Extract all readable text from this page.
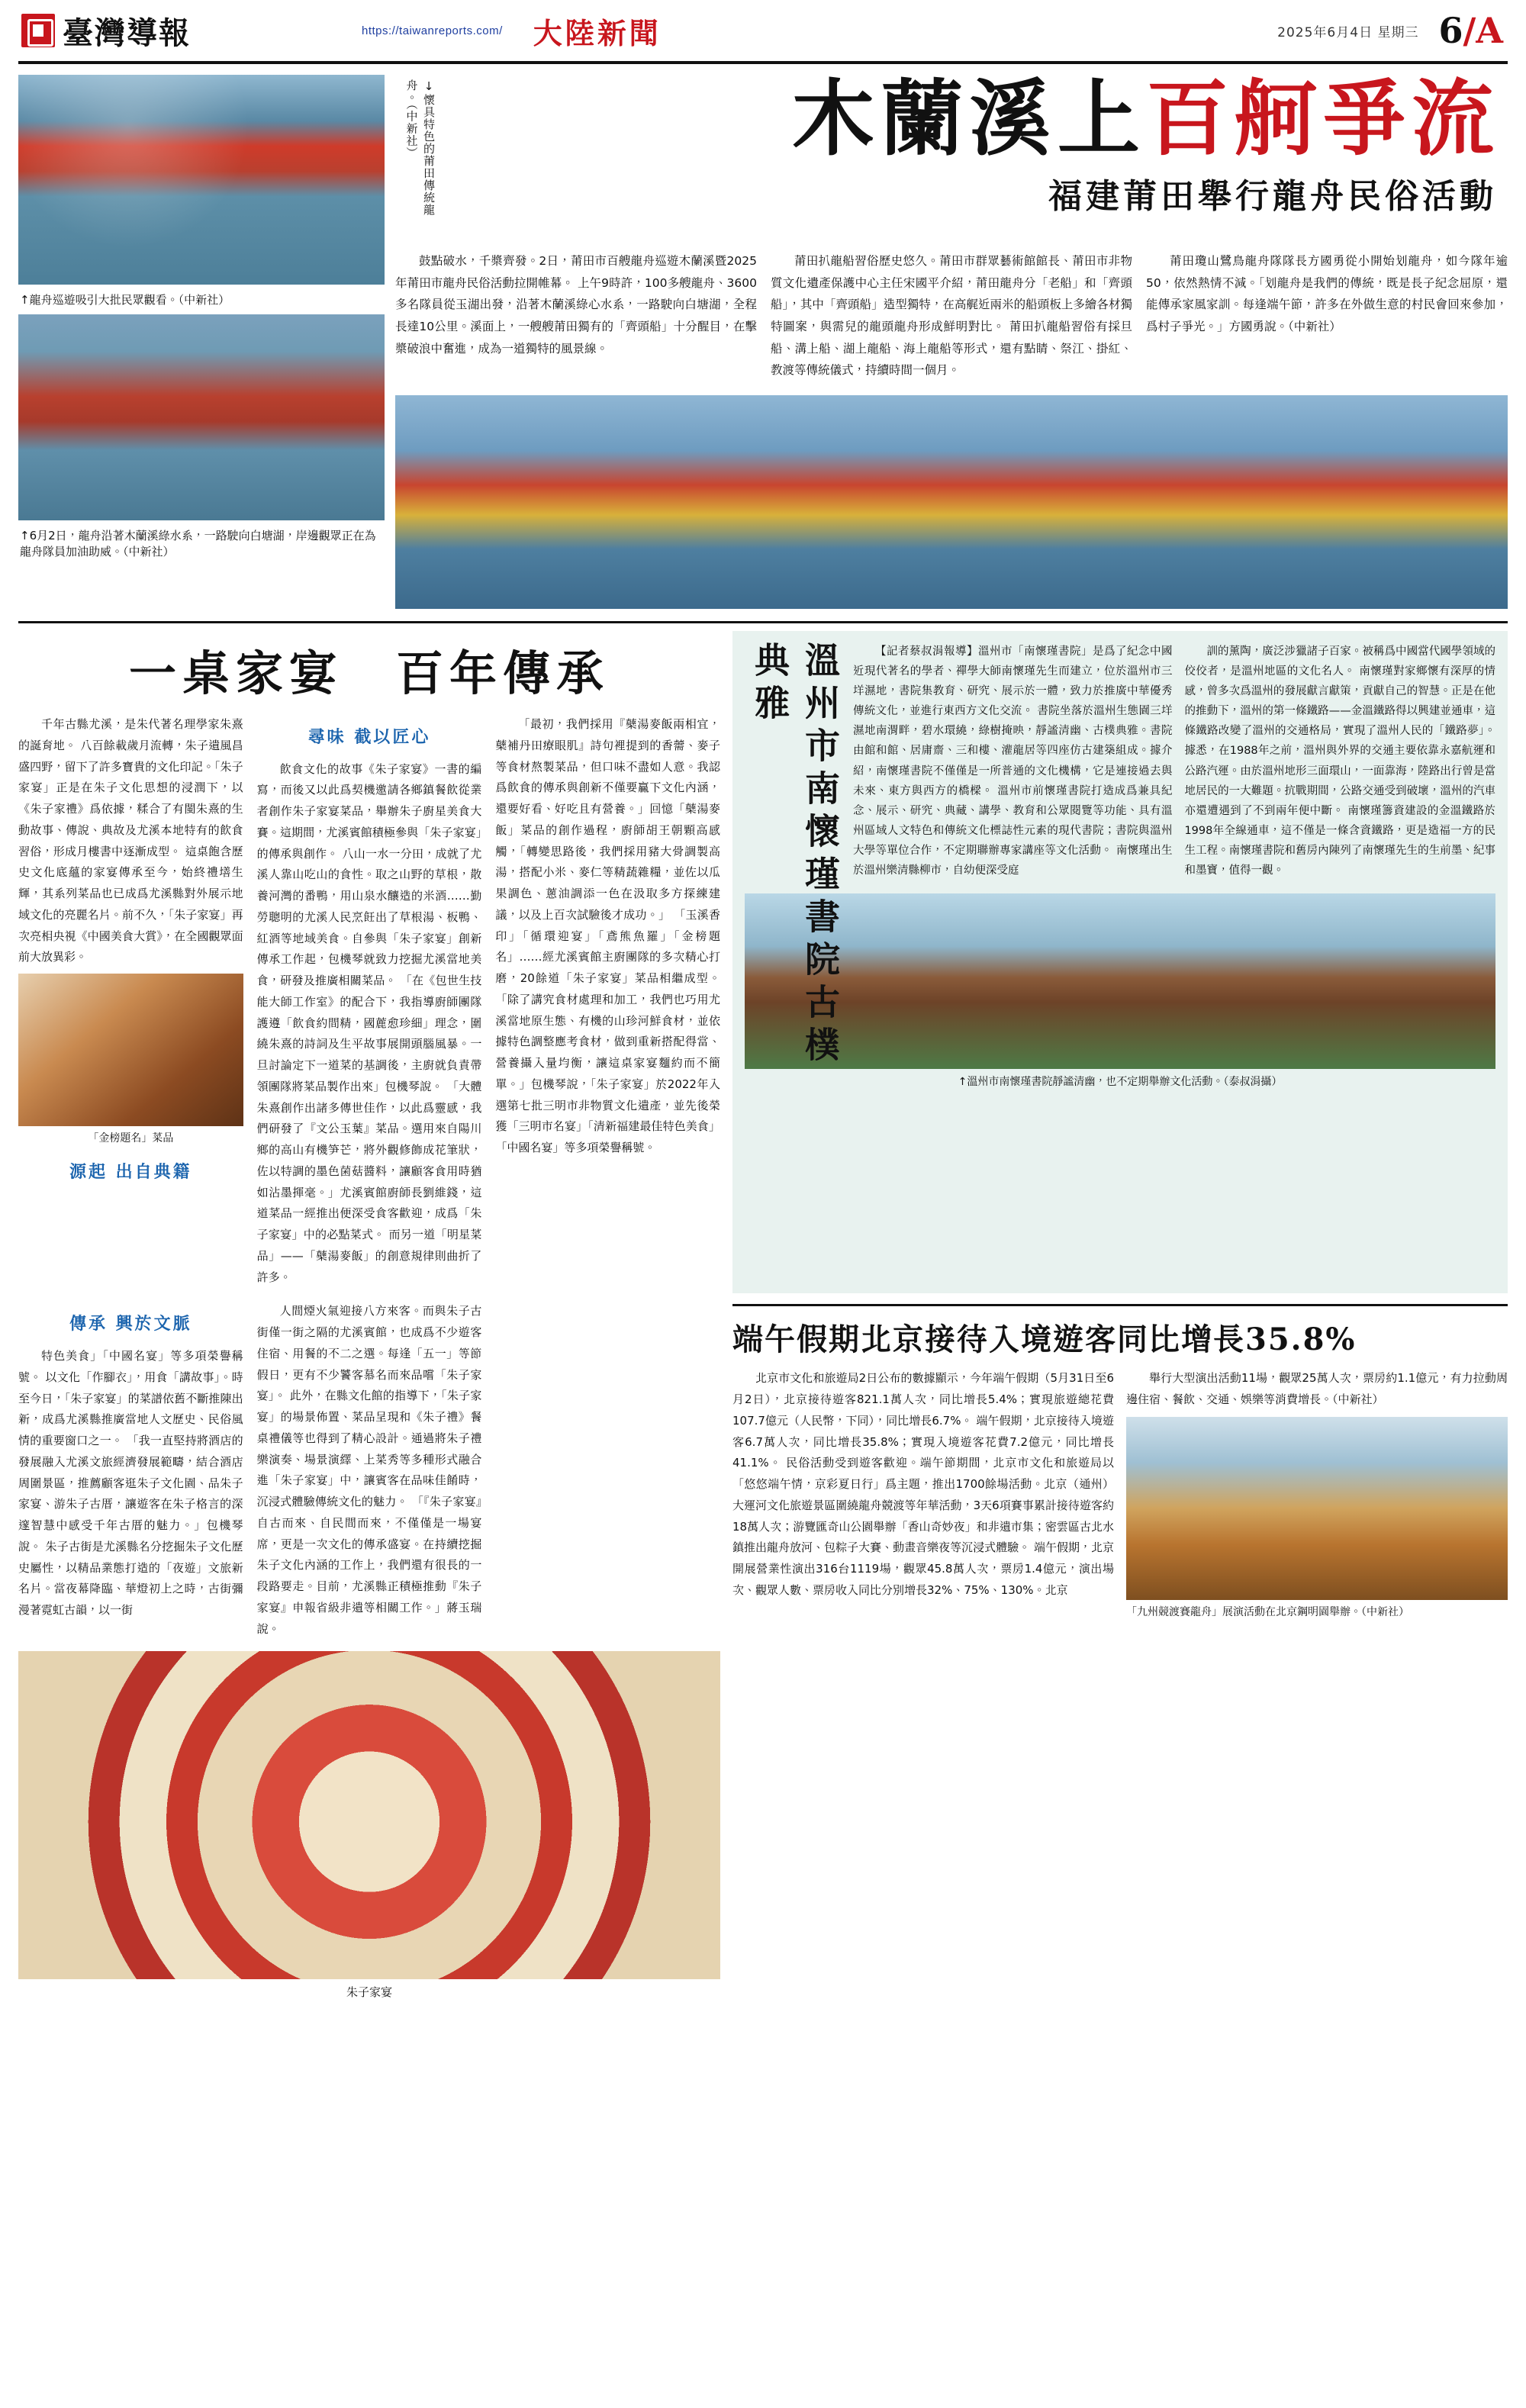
臺灣導報	https://taiwanreports.com/ 大陸新聞	2025年6月4日 星期三 6/A
↑龍舟巡遊吸引大批民眾觀看。（中新社）
↑6月2日，龍舟沿著木蘭溪綠水系，一路駛向白塘湖，岸邊觀眾正在為龍舟隊員加油助威。（中新社）
↓懷具特色的莆田傳統龍舟。（中新社）	木蘭溪上百舸爭流
福建莆田舉行龍舟民俗活動

鼓點破水，千槳齊發。2日，莆田市百艘龍舟巡遊木蘭溪暨2025年莆田市龍舟民俗活動拉開帷幕。 上午9時許，100多艘龍舟、3600多名隊員從玉湖出發，沿著木蘭溪綠心水系，一路駛向白塘湖，全程長達10公里。溪面上，一艘艘莆田獨有的「齊頭船」十分醒目，在擊槳破浪中奮進，成為一道獨特的風景線。

莆田扒龍船習俗歷史悠久。莆田市群眾藝術館館長、莆田市非物質文化遺產保護中心主任宋國平介紹，莆田龍舟分「老船」和「齊頭船」，其中「齊頭船」造型獨特，在高艉近兩米的船頭板上多繪各材獨特圖案，與需兒的龍頭龍舟形成鮮明對比。 莆田扒龍船習俗有採旦船、溝上船、湖上龍船、海上龍船等形式，還有點睛、祭江、掛紅、教渡等傳統儀式，持續時間一個月。

莆田瓊山鷺鳥龍舟隊隊長方國勇從小開始划龍舟，如今隊年逾50，依然熱情不減。「划龍舟是我們的傳統，既是長子紀念屈原，還能傳承家風家訓。每逢端午節，許多在外做生意的村民會回來參加，爲村子爭光。」方國勇說。（中新社）

一桌家宴　百年傳承

千年古縣尤溪，是朱代著名理學家朱熹的誕育地。 八百餘載歲月流轉，朱子遺風昌盛四野，留下了許多寶貴的文化印記。「朱子家宴」正是在朱子文化思想的浸潤下，以《朱子家禮》爲依據，糅合了有閩朱熹的生動故事、傳說、典故及尤溪本地特有的飲食習俗，形成月樓書中逐漸成型。 這桌飽含歷史文化底蘊的家宴傳承至今，始終禮墡生輝，其系列菜品也已成爲尤溪縣對外展示地域文化的亮麗名片。前不久，「朱子家宴」再次亮相央視《中國美食大賞》，在全國觀眾面前大放異彩。

「金榜題名」菜品
源起 出自典籍
尋味 截以匠心

飲食文化的故事《朱子家宴》一書的編寫，而後又以此爲契機邀請各鄉鎮餐飲從業者創作朱子家宴菜品，舉辦朱子廚星美食大賽。這期間，尤溪賓館積極參與「朱子家宴」的傳承與創作。 八山一水一分田，成就了尤溪人靠山吃山的食性。取之山野的草根，散養河灣的番鴨，用山泉水釀造的米酒……勤勞聰明的尤溪人民烹飪出了草根湯、板鴨、紅酒等地域美食。自參與「朱子家宴」創新傳承工作起，包機琴就致力挖掘尤溪當地美食，研發及推廣相關菜品。 「在《包世生技能大師工作室》的配合下，我指導廚師團隊護遵「飲食約間精，國蔍愈珍細」理念，圍繞朱熹的詩詞及生平故事展開頭腦風暴。一旦討論定下一道菜的基調後，主廚就負責帶領團隊將菜品製作出來」包機琴說。 「大體朱熹創作出諸多傳世佳作，以此爲靈感，我們研發了『文公玉葉』菜品。選用來自陽川鄉的高山有機笋芒，將外觀修飾成花筆狀，佐以特調的墨色菌菇醬料，讓顧客食用時猶如沾墨揮毫。」尤溪賓館廚師長劉維錢，這道菜品一經推出便深受食客歡迎，成爲「朱子家宴」中的必點菜式。 而另一道「明星菜品」——「蘗湯麥飯」的創意規律則曲折了許多。

「最初，我們採用『蘗湯麥飯兩相宜，蘗補丹田療眼肌』詩句裡提到的香薷、麥子等食材熬製菜品，但口味不盡如人意。我認爲飲食的傳承與創新不僅要贏下文化內涵，還要好看、好吃且有營養。」回憶「蘗湯麥飯」菜品的創作過程，廚師胡王朝顆高感觸，「轉變思路後，我們採用豬大骨調製高湯，搭配小米、麥仁等精蔬雜糧，並佐以瓜果調色、蔥油調添一色在汲取多方探練建議，以及上百次試驗後才成功。」 「玉溪香印」「循環迎宴」「鳶熊魚羅」「金榜題名」……經尤溪賓館主廚團隊的多次精心打磨，20餘道「朱子家宴」菜品相繼成型。「除了講究食材處理和加工，我們也巧用尤溪當地原生態、有機的山珍河鮮食材，並依據特色調整應考食材，做到重新搭配得當、營養攝入量均衡，讓這桌家宴麵約而不簡單。」包機琴說，「朱子家宴」於2022年入選第七批三明市非物質文化遺產，並先後榮獲「三明市名宴」「清新福建最佳特色美食」「中國名宴」等多項榮譽稱號。

溫州市南懷瑾書院古樸典雅	【記者蔡叔涓報導】溫州市「南懷瑾書院」是爲了紀念中國近現代著名的學者、禪學大師南懷瑾先生而建立，位於溫州市三垟濕地，書院集教育、研究、展示於一體，致力於推廣中華優秀傳統文化，並進行東西方文化交流。 書院坐落於溫州生態園三垟濕地南渭畔，碧水環繞，綠樹掩映，靜謐清幽、古樸典雅。書院由館和館、居庸齋、三和樓、灌龍居等四座仿古建築組成。據介紹，南懷瑾書院不僅僅是一所普通的文化機構，它是連接過去與未來、東方與西方的橋樑。 溫州市前懷瑾書院打造成爲兼具紀念、展示、研究、典藏、講學、教育和公眾閱覽等功能、具有溫州區域人文特色和傳統文化標誌性元素的現代書院；書院與溫州大學等單位合作，不定期聯辦專家講座等文化活動。 南懷瑾出生於溫州樂清縣柳市，自幼便深受庭

訓的薰陶，廣泛涉獵諸子百家。被稱爲中國當代國學領域的佼佼者，是溫州地區的文化名人。 南懷瑾對家鄉懷有深厚的情感，曾多次爲溫州的發展獻言獻策，貢獻自己的智慧。正是在他的推動下，溫州的第一條鐵路——金溫鐵路得以興建並通車，這條鐵路改變了溫州的交通格局，實現了溫州人民的「鐵路夢」。 據悉，在1988年之前，溫州與外界的交通主要依靠永嘉航運和公路汽運。由於溫州地形三面環山，一面靠海，陸路出行曾是當地居民的一大難題。抗戰期間，公路交通受到破壞，溫州的汽車亦還遭遇到了不到兩年便中斷。 南懷瑾籌資建設的金溫鐵路於1998年全線通車，這不僅是一條含資鐵路，更是造福一方的民生工程。南懷瑾書院和舊房內陳列了南懷瑾先生的生前墨、紀事和墨寶，值得一觀。

↑溫州市南懷瑾書院靜謐清幽，也不定期舉辦文化活動。（泰叔涓攝）
傳承 興於文脈

特色美食」「中國名宴」等多項榮譽稱號。 以文化「作腳衣」，用食「講故事」。時至今日，「朱子家宴」的菜譜依舊不斷推陳出新，成爲尤溪縣推廣當地人文歷史、民俗風情的重要窗口之一。 「我一直堅持將酒店的發展融入尤溪文旅經濟發展範疇，結合酒店周圍景區，推薦顧客逛朱子文化園、品朱子家宴、游朱子古厝，讓遊客在朱子格言的深邃智慧中感受千年古厝的魅力。」包機琴說。 朱子古街是尤溪縣名分挖掘朱子文化歷史屬性，以精品業態打造的「夜遊」文旅新名片。當夜幕降臨、華燈初上之時，古街彌漫著霓虹古韻，以一街

人間煙火氣迎接八方來客。而與朱子古街僅一街之隔的尤溪賓館，也成爲不少遊客住宿、用餐的不二之選。每逢「五一」等節假日，更有不少饕客慕名而來品嚐「朱子家宴」。 此外，在縣文化館的指導下，「朱子家宴」的場景佈置、菜品呈現和《朱子禮》餐桌禮儀等也得到了精心設計。通過將朱子禮樂演奏、場景演繹、上菜秀等多種形式融合進「朱子家宴」中，讓賓客在品味佳餚時，沉浸式體驗傳統文化的魅力。 「『朱子家宴』自古而來、自民間而來，不僅僅是一場宴席，更是一次文化的傳承盛宴。在持續挖掘朱子文化內涵的工作上，我們還有很長的一段路要走。目前，尤溪縣正積極推動『朱子家宴』申報省級非遺等相關工作。」蔣玉瑞說。

朱子家宴
端午假期北京接待入境遊客同比增長35.8%

北京市文化和旅遊局2日公布的數據顯示，今年端午假期（5月31日至6月2日），北京接待遊客821.1萬人次，同比增長5.4%；實現旅遊總花費107.7億元（人民幣，下同），同比增長6.7%。 端午假期，北京接待入境遊客6.7萬人次，同比增長35.8%；實現入境遊客花費7.2億元，同比增長41.1%。 民俗活動受到遊客歡迎。端午節期間，北京市文化和旅遊局以「悠悠端午情，京彩夏日行」爲主題，推出1700餘場活動。北京（通州）大運河文化旅遊景區圍繞龍舟競渡等年華活動，3天6項賽事累計接待遊客約18萬人次；游覽匯奇山公園舉辦「香山奇妙夜」和非遺市集；密雲區古北水鎮推出龍舟放河、包粽子大賽、動畫音樂夜等沉浸式體驗。 端午假期，北京開展營業性演出316台1119場，觀眾45.8萬人次，票房1.4億元，演出場次、觀眾人數、票房收入同比分別增長32%、75%、130%。北京

舉行大型演出活動11場，觀眾25萬人次，票房約1.1億元，有力拉動周邊住宿、餐飲、交通、娛樂等消費增長。（中新社）

「九州競渡賽龍舟」展演活動在北京鋼明園舉辦。（中新社）
